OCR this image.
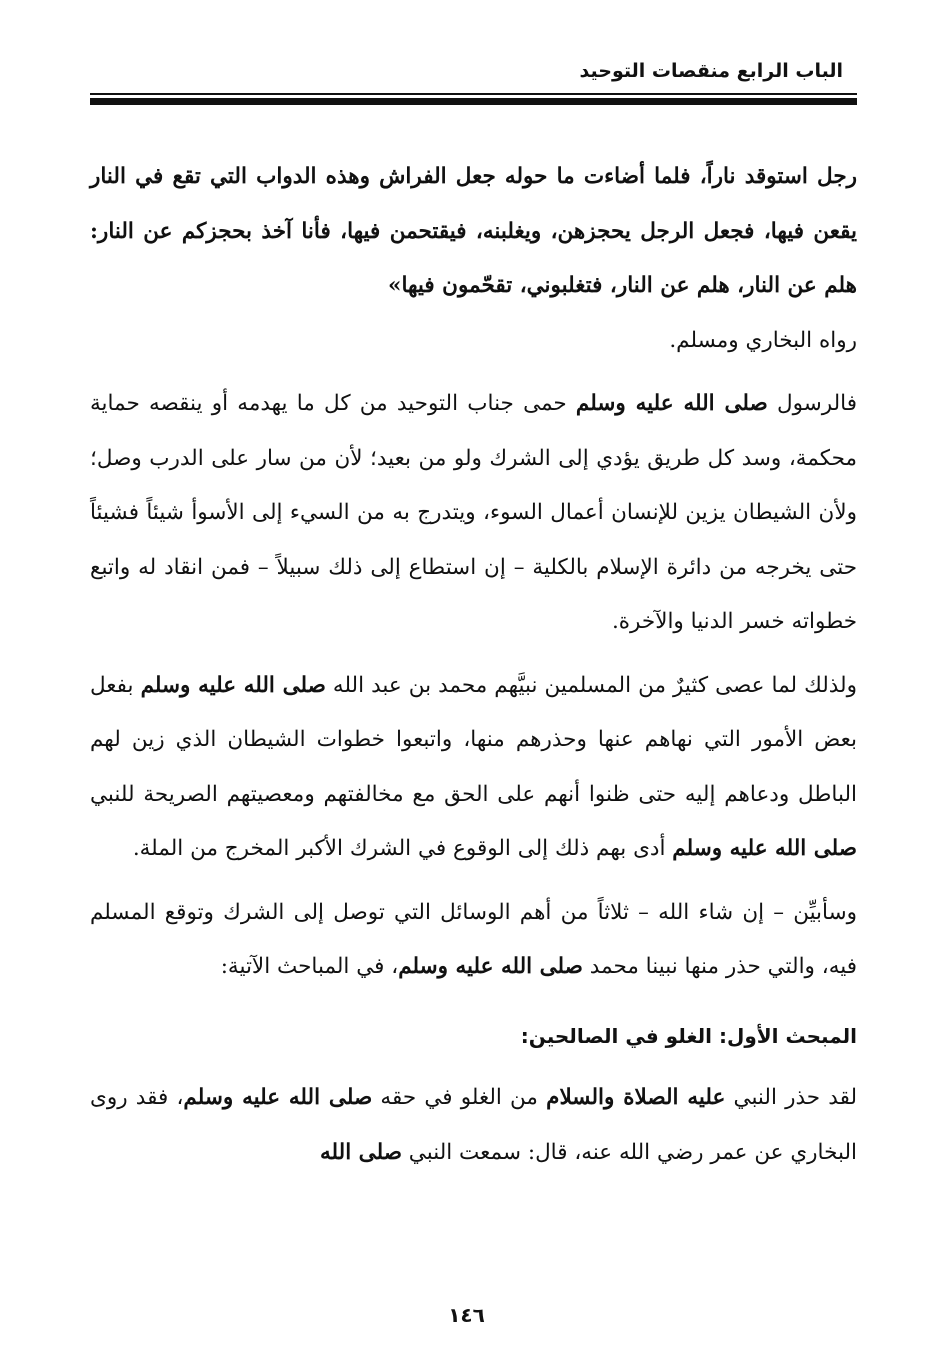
الباب الرابع منقصات التوحيد

رجل استوقد ناراً، فلما أضاءت ما حوله جعل الفراش وهذه الدواب التي تقع في النار يقعن فيها، فجعل الرجل يحجزهن، ويغلبنه، فيقتحمن فيها، فأنا آخذ بحجزكم عن النار: هلم عن النار، هلم عن النار، فتغلبوني، تقحّمون فيها»

رواه البخاري ومسلم.

فالرسول صلى الله عليه وسلم حمى جناب التوحيد من كل ما يهدمه أو ينقصه حماية محكمة، وسد كل طريق يؤدي إلى الشرك ولو من بعيد؛ لأن من سار على الدرب وصل؛ ولأن الشيطان يزين للإنسان أعمال السوء، ويتدرج به من السيء إلى الأسوأ شيئاً فشيئاً حتى يخرجه من دائرة الإسلام بالكلية – إن استطاع إلى ذلك سبيلاً – فمن انقاد له واتبع خطواته خسر الدنيا والآخرة.

ولذلك لما عصى كثيرٌ من المسلمين نبيَّهم محمد بن عبد الله صلى الله عليه وسلم بفعل بعض الأمور التي نهاهم عنها وحذرهم منها، واتبعوا خطوات الشيطان الذي زين لهم الباطل ودعاهم إليه حتى ظنوا أنهم على الحق مع مخالفتهم ومعصيتهم الصريحة للنبي صلى الله عليه وسلم أدى بهم ذلك إلى الوقوع في الشرك الأكبر المخرج من الملة.

وسأبيِّن – إن شاء الله – ثلاثاً من أهم الوسائل التي توصل إلى الشرك وتوقع المسلم فيه، والتي حذر منها نبينا محمد صلى الله عليه وسلم، في المباحث الآتية:

المبحث الأول: الغلو في الصالحين:

لقد حذر النبي عليه الصلاة والسلام من الغلو في حقه صلى الله عليه وسلم، فقد روى البخاري عن عمر رضي الله عنه، قال: سمعت النبي صلى الله

١٤٦
